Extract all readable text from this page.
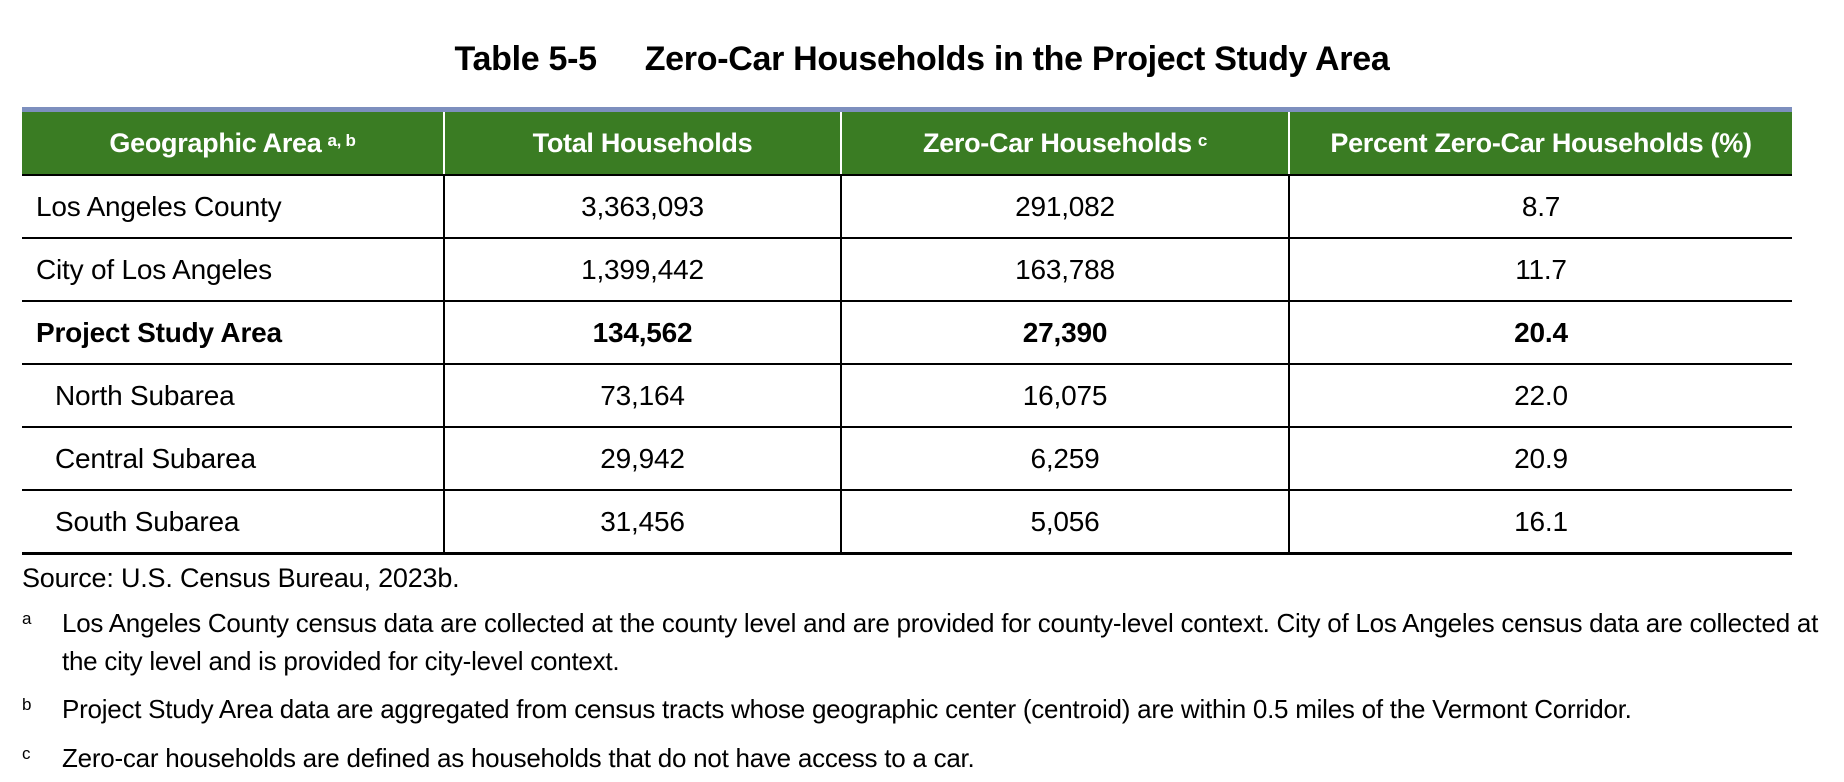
Table 5-5 Zero-Car Households in the Project Study Area
Geographic Area a, b	Total Households	Zero-Car Households c	Percent Zero-Car Households (%)
Los Angeles County	3,363,093	291,082	8.7
City of Los Angeles	1,399,442	163,788	11.7
Project Study Area	134,562	27,390	20.4
North Subarea	73,164	16,075	22.0
Central Subarea	29,942	6,259	20.9
South Subarea	31,456	5,056	16.1
Source: U.S. Census Bureau, 2023b.
a	Los Angeles County census data are collected at the county level and are provided for county-level context. City of Los Angeles census data are collected at the city level and is provided for city-level context.
b	Project Study Area data are aggregated from census tracts whose geographic center (centroid) are within 0.5 miles of the Vermont Corridor.
c	Zero-car households are defined as households that do not have access to a car.
